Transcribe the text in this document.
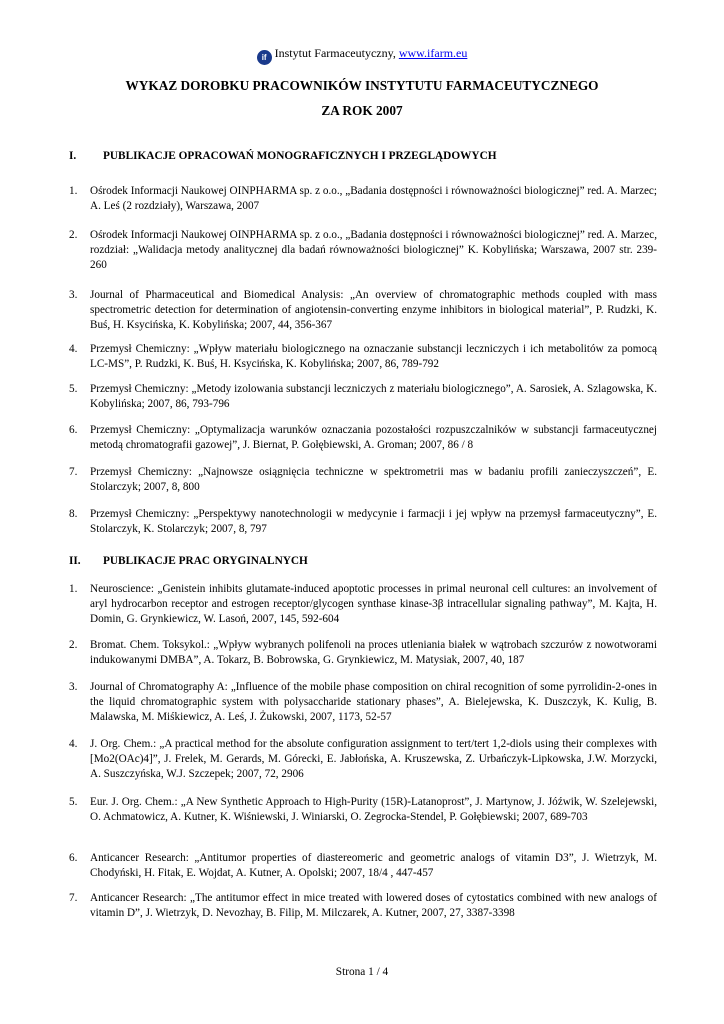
if Instytut Farmaceutyczny, www.ifarm.eu
WYKAZ DOROBKU PRACOWNIKÓW INSTYTUTU FARMACEUTYCZNEGO
ZA ROK 2007
I. PUBLIKACJE OPRACOWAŃ MONOGRAFICZNYCH I PRZEGLĄDOWYCH
1. Ośrodek Informacji Naukowej OINPHARMA sp. z o.o., „Badania dostępności i równoważności biologicznej” red. A. Marzec; A. Leś (2 rozdziały), Warszawa, 2007
2. Ośrodek Informacji Naukowej OINPHARMA sp. z o.o., „Badania dostępności i równoważności biologicznej” red. A. Marzec, rozdział: „Walidacja metody analitycznej dla badań równoważności biologicznej” K. Kobylińska; Warszawa, 2007 str. 239-260
3. Journal of Pharmaceutical and Biomedical Analysis: „An overview of chromatographic methods coupled with mass spectrometric detection for determination of angiotensin-converting enzyme inhibitors in biological material”, P. Rudzki, K. Buś, H. Ksycińska, K. Kobylińska; 2007, 44, 356-367
4. Przemysł Chemiczny: „Wpływ materiału biologicznego na oznaczanie substancji leczniczych i ich metabolitów za pomocą LC-MS”, P. Rudzki, K. Buś, H. Ksycińska, K. Kobylińska; 2007, 86, 789-792
5. Przemysł Chemiczny: „Metody izolowania substancji leczniczych z materiału biologicznego”, A. Sarosiek, A. Szlagowska, K. Kobylińska; 2007, 86, 793-796
6. Przemysł Chemiczny: „Optymalizacja warunków oznaczania pozostałości rozpuszczalników w substancji farmaceutycznej metodą chromatografii gazowej”, J. Biernat, P. Gołębiewski, A. Groman; 2007, 86 / 8
7. Przemysł Chemiczny: „Najnowsze osiągnięcia techniczne w spektrometrii mas w badaniu profili zanieczyszczeń”, E. Stolarczyk; 2007, 8, 800
8. Przemysł Chemiczny: „Perspektywy nanotechnologii w medycynie i farmacji i jej wpływ na przemysł farmaceutyczny”, E. Stolarczyk, K. Stolarczyk; 2007, 8, 797
II. PUBLIKACJE PRAC ORYGINALNYCH
1. Neuroscience: „Genistein inhibits glutamate-induced apoptotic processes in primal neuronal cell cultures: an involvement of aryl hydrocarbon receptor and estrogen receptor/glycogen synthase kinase-3β intracellular signaling pathway”, M. Kajta, H. Domin, G. Grynkiewicz, W. Lasoń, 2007, 145, 592-604
2. Bromat. Chem. Toksykol.: „Wpływ wybranych polifenoli na proces utleniania białek w wątrobach szczurów z nowotworami indukowanymi DMBA”, A. Tokarz, B. Bobrowska, G. Grynkiewicz, M. Matysiak, 2007, 40, 187
3. Journal of Chromatography A: „Influence of the mobile phase composition on chiral recognition of some pyrrolidin-2-ones in the liquid chromatographic system with polysaccharide stationary phases”, A. Bielejewska, K. Duszczyk, K. Kulig, B. Malawska, M. Miśkiewicz, A. Leś, J. Żukowski, 2007, 1173, 52-57
4. J. Org. Chem.: „A practical method for the absolute configuration assignment to tert/tert 1,2-diols using their complexes with [Mo2(OAc)4]”, J. Frelek, M. Gerards, M. Górecki, E. Jabłońska, A. Kruszewska, Z. Urbańczyk-Lipkowska, J.W. Morzycki, A. Suszczyńska, W.J. Szczepek; 2007, 72, 2906
5. Eur. J. Org. Chem.: „A New Synthetic Approach to High-Purity (15R)-Latanoprost”, J. Martynow, J. Jóźwik, W. Szelejewski, O. Achmatowicz, A. Kutner, K. Wiśniewski, J. Winiarski, O. Zegrocka-Stendel, P. Gołębiewski; 2007, 689-703
6. Anticancer Research: „Antitumor properties of diastereomeric and geometric analogs of vitamin D3”, J. Wietrzyk, M. Chodyński, H. Fitak, E. Wojdat, A. Kutner, A. Opolski; 2007, 18/4 , 447-457
7. Anticancer Research: „The antitumor effect in mice treated with lowered doses of cytostatics combined with new analogs of vitamin D”, J. Wietrzyk, D. Nevozhay, B. Filip, M. Milczarek, A. Kutner, 2007, 27, 3387-3398
Strona 1 / 4
